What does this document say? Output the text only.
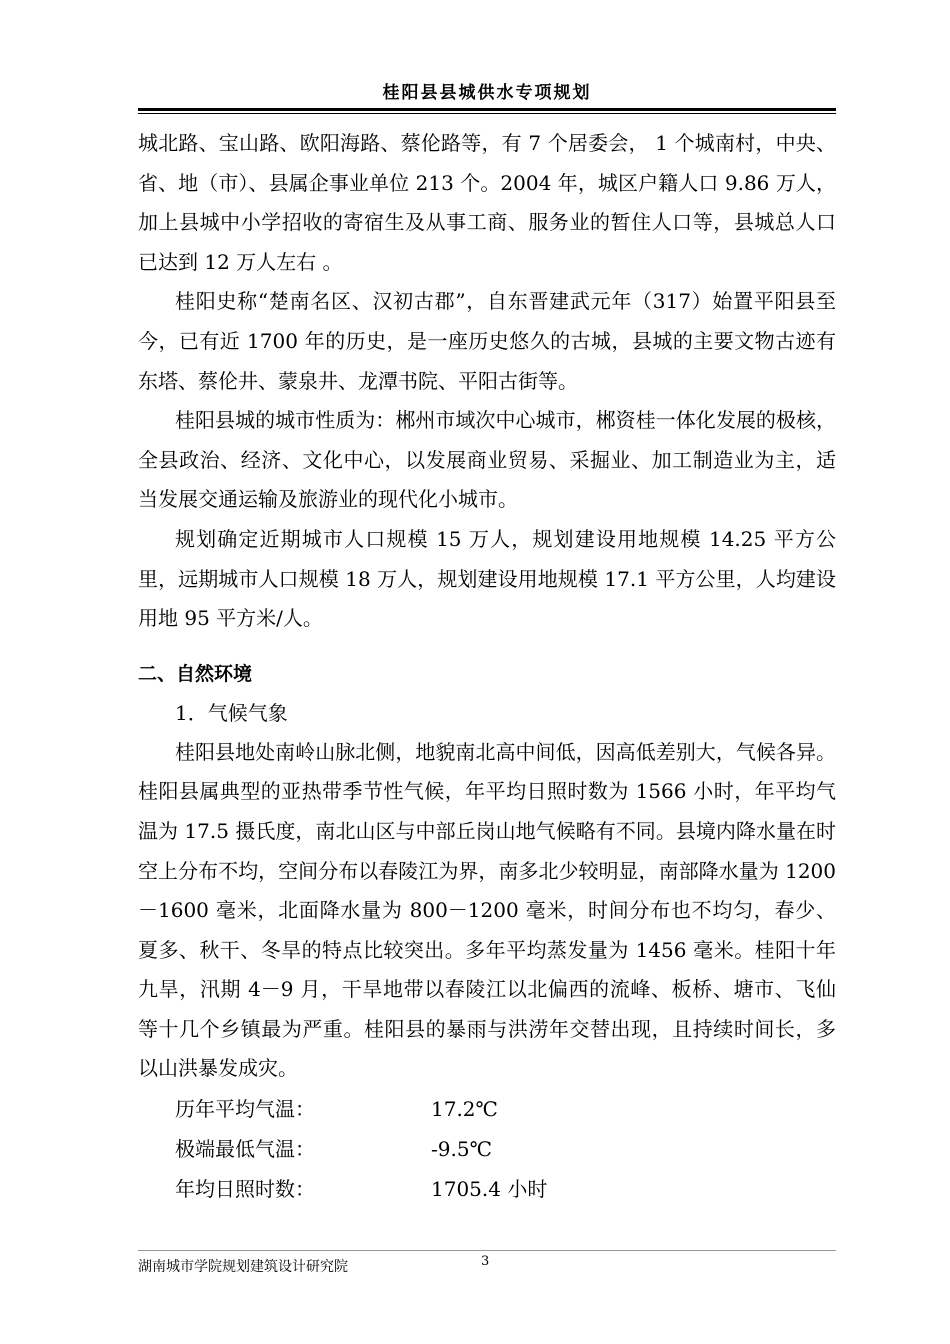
桂阳县县城供水专项规划

城北路、宝山路、欧阳海路、蔡伦路等，有 7 个居委会， 1 个城南村，中央、省、地（市）、县属企事业单位 213 个。2004 年，城区户籍人口 9.86 万人，加上县城中小学招收的寄宿生及从事工商、服务业的暂住人口等，县城总人口已达到 12 万人左右 。

桂阳史称“楚南名区、汉初古郡”，自东晋建武元年（317）始置平阳县至今，已有近 1700 年的历史，是一座历史悠久的古城，县城的主要文物古迹有东塔、蔡伦井、蒙泉井、龙潭书院、平阳古街等。

桂阳县城的城市性质为：郴州市域次中心城市，郴资桂一体化发展的极核，全县政治、经济、文化中心，以发展商业贸易、采掘业、加工制造业为主，适当发展交通运输及旅游业的现代化小城市。

规划确定近期城市人口规模 15 万人，规划建设用地规模 14.25 平方公里，远期城市人口规模 18 万人，规划建设用地规模 17.1 平方公里，人均建设用地 95 平方米/人。

二、自然环境
1．气候气象

桂阳县地处南岭山脉北侧，地貌南北高中间低，因高低差别大，气候各异。桂阳县属典型的亚热带季节性气候，年平均日照时数为 1566 小时，年平均气温为 17.5 摄氏度，南北山区与中部丘岗山地气候略有不同。县境内降水量在时空上分布不均，空间分布以春陵江为界，南多北少较明显，南部降水量为 1200－1600 毫米，北面降水量为 800－1200 毫米，时间分布也不均匀，春少、夏多、秋干、冬旱的特点比较突出。多年平均蒸发量为 1456 毫米。桂阳十年九旱，汛期 4－9 月，干旱地带以春陵江以北偏西的流峰、板桥、塘市、飞仙等十几个乡镇最为严重。桂阳县的暴雨与洪涝年交替出现，且持续时间长，多以山洪暴发成灾。

历年平均气温：	17.2℃
极端最低气温：	-9.5℃
年均日照时数：	1705.4 小时
湖南城市学院规划建筑设计研究院	3
